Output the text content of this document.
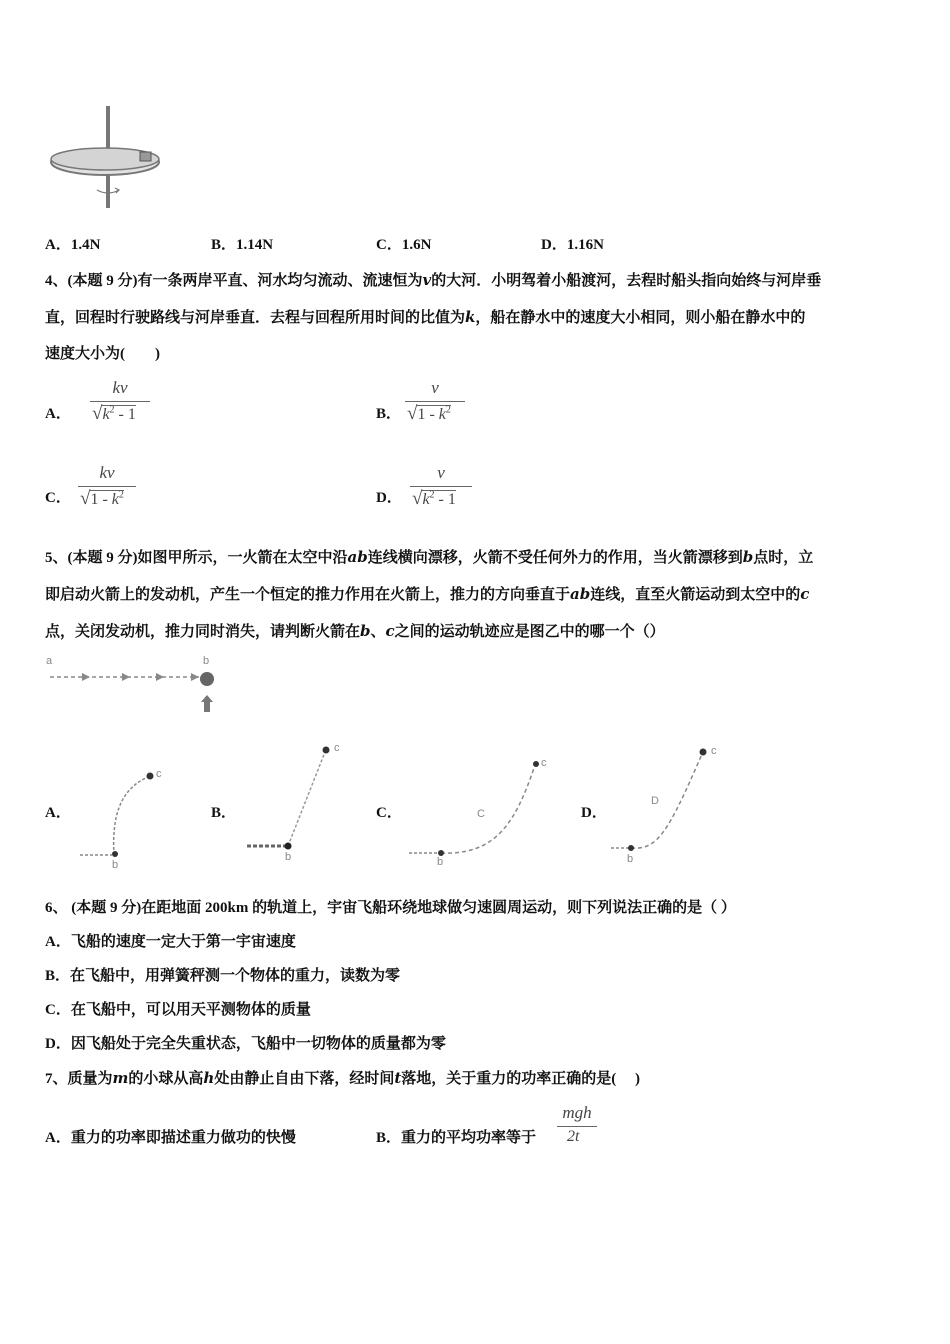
A．1.4N	B．1.14N	C．1.6N	D．1.16N
4、(本题 9 分)有一条两岸平直、河水均匀流动、流速恒为v的大河．小明驾着小船渡河，去程时船头指向始终与河岸垂
直，回程时行驶路线与河岸垂直．去程与回程所用时间的比值为k，船在静水中的速度大小相同，则小船在静水中的
速度大小为(　　)
A．
kv
$√k^2 - 1$	B．
v
$√1 - k^2$
C．
kv
$√1 - k^2$	D．
v
$√k^2 - 1$
5、(本题 9 分)如图甲所示，一火箭在太空中沿ab连线横向漂移，火箭不受任何外力的作用，当火箭漂移到b点时，立
即启动火箭上的发动机，产生一个恒定的推力作用在火箭上，推力的方向垂直于ab连线，直至火箭运动到太空中的c
点，关闭发动机，推力同时消失，请判断火箭在b、c之间的运动轨迹应是图乙中的哪一个（）
a	b
A．	B．	C．	D．
b
c
b
c
b
c
C
b
c
D
6、 (本题 9 分)在距地面 200km 的轨道上，宇宙飞船环绕地球做匀速圆周运动，则下列说法正确的是（ ）
A．飞船的速度一定大于第一宇宙速度
B．在飞船中，用弹簧秤测一个物体的重力，读数为零
C．在飞船中，可以用天平测物体的质量
D．因飞船处于完全失重状态，飞船中一切物体的质量都为零
7、质量为m的小球从高h处由静止自由下落，经时间t落地，关于重力的功率正确的是(　 )
A．重力的功率即描述重力做功的快慢	B．重力的平均功率等于
mgh
2t
